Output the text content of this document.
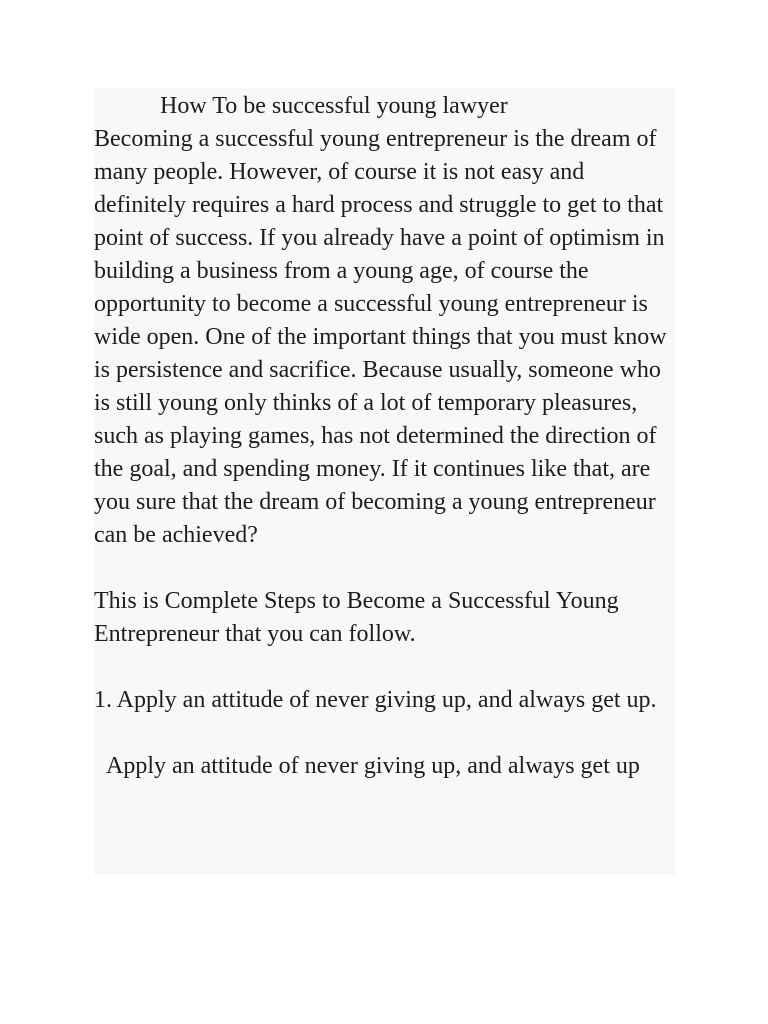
How To be successful young lawyer

Becoming a successful young entrepreneur is the dream of many people. However, of course it is not easy and definitely requires a hard process and struggle to get to that point of success. If you already have a point of optimism in building a business from a young age, of course the opportunity to become a successful young entrepreneur is wide open. One of the important things that you must know is persistence and sacrifice. Because usually, someone who is still young only thinks of a lot of temporary pleasures, such as playing games, has not determined the direction of the goal, and spending money. If it continues like that, are you sure that the dream of becoming a young entrepreneur can be achieved?

This is Complete Steps to Become a Successful Young Entrepreneur that you can follow.

1. Apply an attitude of never giving up, and always get up.

Apply an attitude of never giving up, and always get up
